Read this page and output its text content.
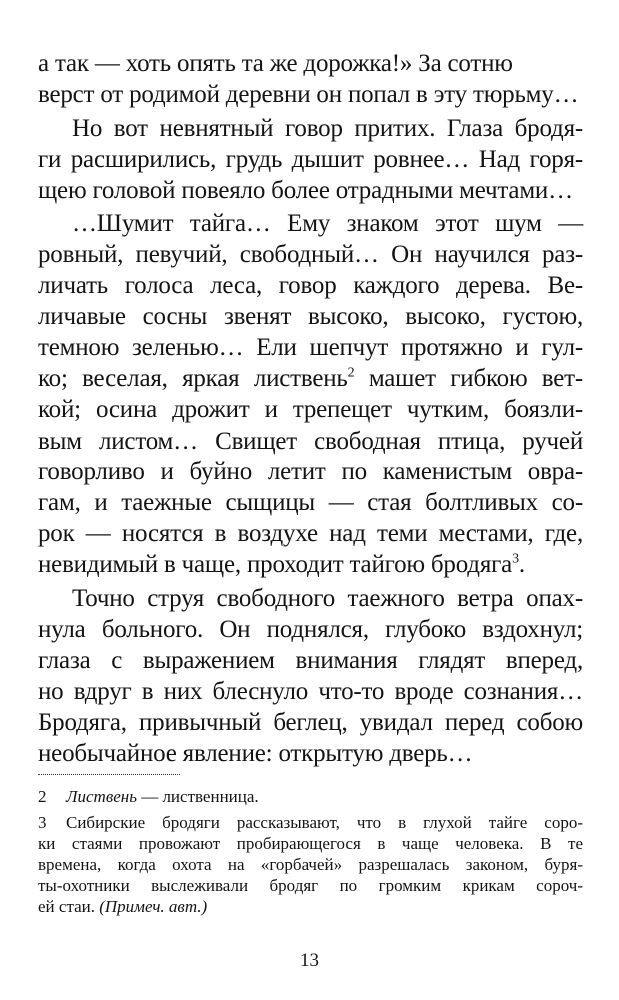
а так — хоть опять та же дорожка!» За сотню
верст от родимой деревни он попал в эту тюрьму…
Но вот невнятный говор притих. Глаза бродя-
ги расширились, грудь дышит ровнее… Над горя-
щею головой повеяло более отрадными мечтами…
…Шумит тайга… Ему знаком этот шум —
ровный, певучий, свободный… Он научился раз-
личать голоса леса, говор каждого дерева. Ве-
личавые сосны звенят высоко, высоко, густою,
темною зеленью… Ели шепчут протяжно и гул-
ко; веселая, яркая листвень$^2$ машет гибкою вет-
кой; осина дрожит и трепещет чутким, боязли-
вым листом… Свищет свободная птица, ручей
говорливо и буйно летит по каменистым овра-
гам, и таежные сыщицы — стая болтливых со-
рок — носятся в воздухе над теми местами, где,
невидимый в чаще, проходит тайгою бродяга$^3$.
Точно струя свободного таежного ветра опах-
нула больного. Он поднялся, глубоко вздохнул;
глаза с выражением внимания глядят вперед,
но вдруг в них блеснуло что-то вроде сознания…
Бродяга, привычный беглец, увидал перед собою
необычайное явление: открытую дверь…
2 Листвень — лиственница.
3 Сибирские бродяги рассказывают, что в глухой тайге соро-
ки стаями провожают пробирающегося в чаще человека. В те
времена, когда охота на «горбачей» разрешалась законом, буря-
ты-охотники выслеживали бродяг по громким крикам сороч-
ей стаи. (Примеч. авт.)
13
